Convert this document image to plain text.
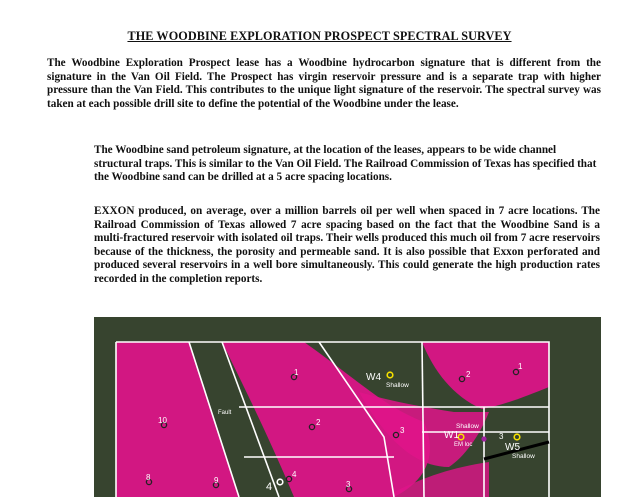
THE WOODBINE EXPLORATION PROSPECT SPECTRAL SURVEY

The Woodbine Exploration Prospect lease has a Woodbine hydrocarbon signature that is different from the signature in the Van Oil Field. The Prospect has virgin reservoir pressure and is a separate trap with higher pressure than the Van Field. This contributes to the unique light signature of the reservoir. The spectral survey was taken at each possible drill site to define the potential of the Woodbine under the lease.

The Woodbine sand petroleum signature, at the location of the leases, appears to be wide channel structural traps. This is similar to the Van Oil Field. The Railroad Commission of Texas has specified that the Woodbine sand can be drilled at a 5 acre spacing locations.

EXXON produced, on average, over a million barrels oil per well when spaced in 7 acre locations. The Railroad Commission of Texas allowed 7 acre spacing based on the fact that the Woodbine Sand is a multi-fractured reservoir with isolated oil traps. Their wells produced this much oil from 7 acre reservoirs because of the thickness, the porosity and permeable sand. It is also possible that Exxon perforated and produced several reservoirs in a well bore simultaneously. This could generate the high production rates recorded in the completion reports.

1	2
3
10	2
3
8	9
4
3
1
Fault
W4
Shallow
Shallow
W1
EM loc	W5
Shallow
4
